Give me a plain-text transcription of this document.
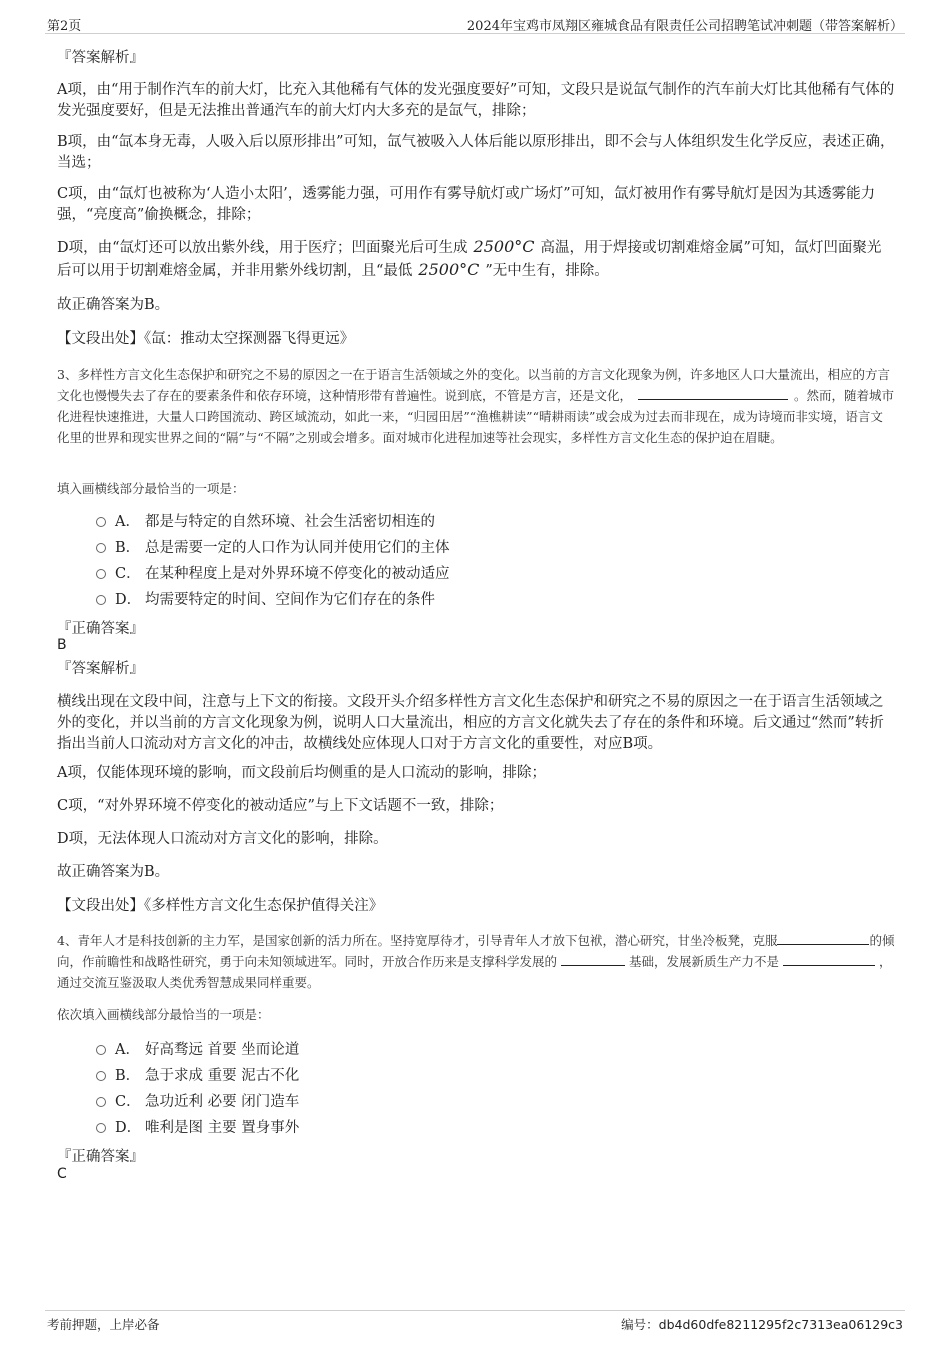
第2页	2024年宝鸡市凤翔区雍城食品有限责任公司招聘笔试冲刺题（带答案解析）
『答案解析』
A项，由“用于制作汽车的前大灯，比充入其他稀有气体的发光强度要好”可知，文段只是说氙气制作的汽车前大灯比其他稀有气体的发光强度要好，但是无法推出普通汽车的前大灯内大多充的是氙气，排除；
B项，由“氙本身无毒，人吸入后以原形排出”可知，氙气被吸入人体后能以原形排出，即不会与人体组织发生化学反应，表述正确，当选；
C项，由“氙灯也被称为‘人造小太阳’，透雾能力强，可用作有雾导航灯或广场灯”可知，氙灯被用作有雾导航灯是因为其透雾能力强，“亮度高”偷换概念，排除；
D项，由“氙灯还可以放出紫外线，用于医疗；凹面聚光后可生成 2500°C 高温，用于焊接或切割难熔金属”可知，氙灯凹面聚光后可以用于切割难熔金属，并非用紫外线切割，且“最低 2500°C ”无中生有，排除。
故正确答案为B。
【文段出处】《氙：推动太空探测器飞得更远》
3、多样性方言文化生态保护和研究之不易的原因之一在于语言生活领域之外的变化。以当前的方言文化现象为例，许多地区人口大量流出，相应的方言文化也慢慢失去了存在的要素条件和依存环境，这种情形带有普遍性。说到底，不管是方言，还是文化，	。然而，随着城市化进程快速推进，大量人口跨国流动、跨区域流动，如此一来，“归园田居”“渔樵耕读”“晴耕雨读”或会成为过去而非现在，成为诗境而非实境，语言文化里的世界和现实世界之间的“隔”与“不隔”之别或会增多。面对城市化进程加速等社会现实，多样性方言文化生态的保护迫在眉睫。
填入画横线部分最恰当的一项是：
A． 都是与特定的自然环境、社会生活密切相连的
B． 总是需要一定的人口作为认同并使用它们的主体
C． 在某种程度上是对外界环境不停变化的被动适应
D． 均需要特定的时间、空间作为它们存在的条件
『正确答案』
B
『答案解析』
横线出现在文段中间，注意与上下文的衔接。文段开头介绍多样性方言文化生态保护和研究之不易的原因之一在于语言生活领域之外的变化，并以当前的方言文化现象为例，说明人口大量流出，相应的方言文化就失去了存在的条件和环境。后文通过“然而”转折指出当前人口流动对方言文化的冲击，故横线处应体现人口对于方言文化的重要性，对应B项。
A项，仅能体现环境的影响，而文段前后均侧重的是人口流动的影响，排除；
C项，“对外界环境不停变化的被动适应”与上下文话题不一致，排除；
D项，无法体现人口流动对方言文化的影响，排除。
故正确答案为B。
【文段出处】《多样性方言文化生态保护值得关注》
4、青年人才是科技创新的主力军，是国家创新的活力所在。坚持宽厚待才，引导青年人才放下包袱，潜心研究，甘坐冷板凳，克服	的倾向，作前瞻性和战略性研究，勇于向未知领域进军。同时，开放合作历来是支撑科学发展的	基础，发展新质生产力不是	，通过交流互鉴汲取人类优秀智慧成果同样重要。
依次填入画横线部分最恰当的一项是：
A． 好高骛远 首要 坐而论道
B． 急于求成 重要 泥古不化
C． 急功近利 必要 闭门造车
D． 唯利是图 主要 置身事外
『正确答案』
C
考前押题，上岸必备	编号：db4d60dfe8211295f2c7313ea06129c3
